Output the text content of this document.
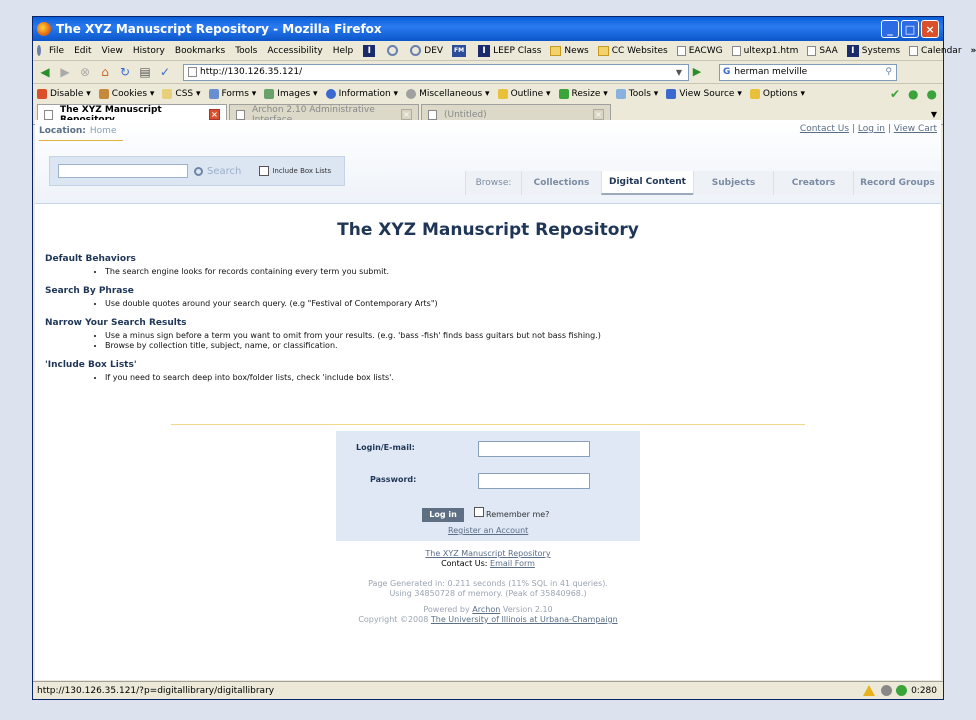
The XYZ Manuscript Repository - Mozilla Firefox	_	□ ×
File Edit View History Bookmarks Tools Accessibility Help	I	DEV	FM	I LEEP Class	News	CC Websites EACWG ultexp1.htm SAA	I Systems Calendar »
◀ ▶ ⊗ ⌂ ↻ ▤ ✓	http://130.126.35.121/	▼ ▶	G herman melville	⚲
Disable ▾ Cookies ▾ CSS ▾ Forms ▾ Images ▾ Information ▾ Miscellaneous ▾ Outline ▾ Resize ▾ Tools ▾ View Source ▾ Options ▾	✔ ● ●
The XYZ Manuscript	×	Archon 2.10 Administrative	×	(Untitled)	×	▼
Location: Home	Contact Us | Log in | View Cart
Search	Include Box Lists
Browse:	Collections	Digital Content	Subjects	Creators	Record Groups
The XYZ Manuscript Repository
Default Behaviors
• The search engine looks for records containing every term you submit.
Search By Phrase
• Use double quotes around your search query. (e.g "Festival of Contemporary Arts")
Narrow Your Search Results
• Use a minus sign before a term you want to omit from your results. (e.g. 'bass -fish' finds bass guitars but not bass fishing.)
• Browse by collection title, subject, name, or classification.
'Include Box Lists'
• If you need to search deep into box/folder lists, check 'include box lists'.
Login/E-mail:
Password:
Log in	Remember me?
Register an Account
The XYZ Manuscript Repository
Contact Us: Email Form
Page Generated in: 0.211 seconds (11% SQL in 41 queries).
Using 34850728 of memory. (Peak of 35840968.)
Powered by Archon Version 2.10
Copyright ©2008 The University of Illinois at Urbana-Champaign
http://130.126.35.121/?p=digitallibrary/digitallibrary	0:280
